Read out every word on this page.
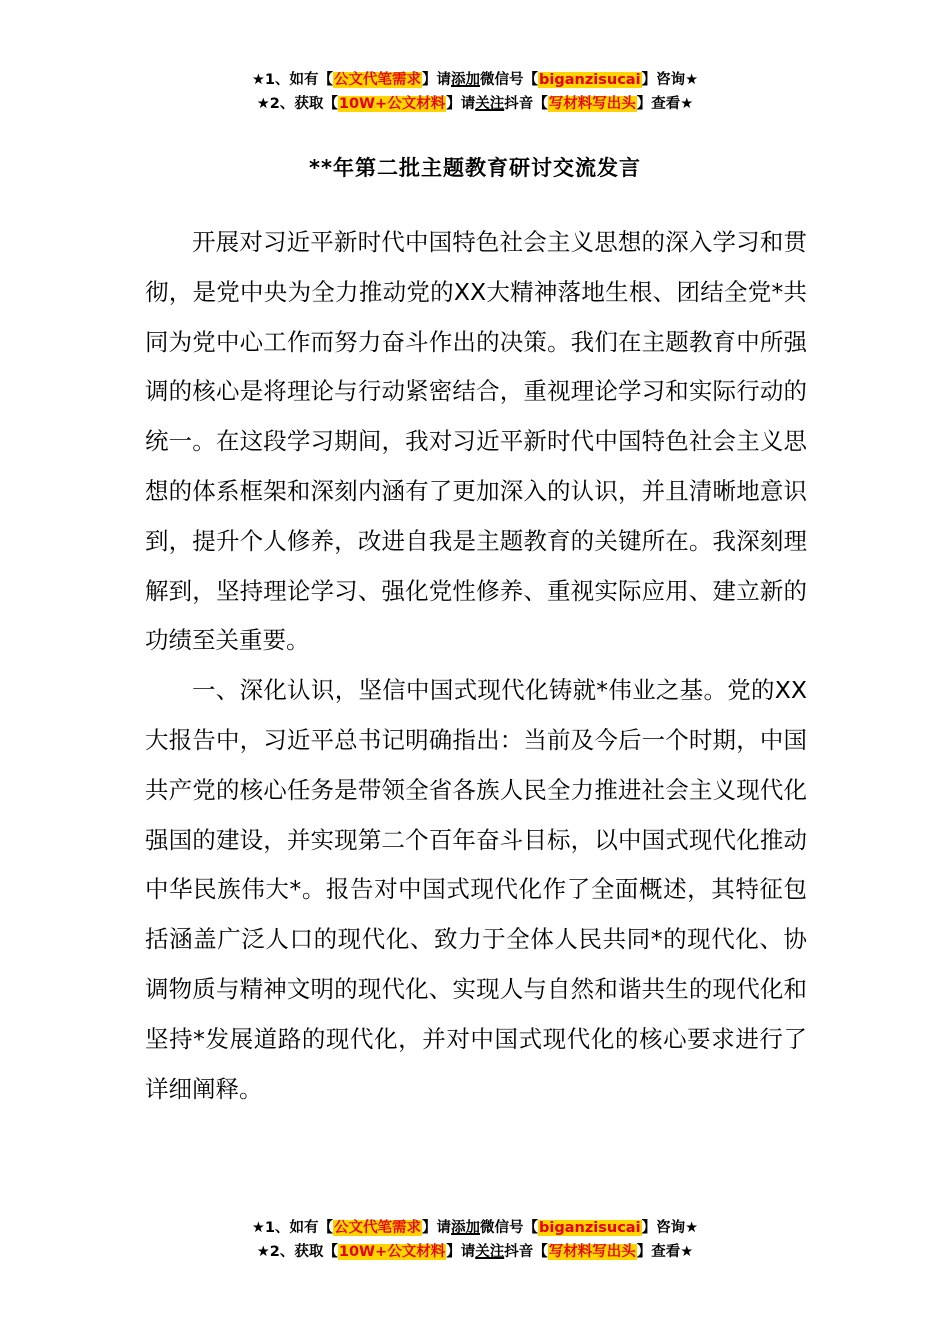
★1、如有【公文代笔需求】请添加微信号【biganzisucai】咨询★
★2、获取【10W+公文材料】请关注抖音【写材料写出头】查看★
**年第二批主题教育研讨交流发言

开展对习近平新时代中国特色社会主义思想的深入学习和贯彻，是党中央为全力推动党的XX大精神落地生根、团结全党*共同为党中心工作而努力奋斗作出的决策。我们在主题教育中所强调的核心是将理论与行动紧密结合，重视理论学习和实际行动的统一。在这段学习期间，我对习近平新时代中国特色社会主义思想的体系框架和深刻内涵有了更加深入的认识，并且清晰地意识到，提升个人修养，改进自我是主题教育的关键所在。我深刻理解到，坚持理论学习、强化党性修养、重视实际应用、建立新的功绩至关重要。

一、深化认识，坚信中国式现代化铸就*伟业之基。党的XX大报告中，习近平总书记明确指出：当前及今后一个时期，中国共产党的核心任务是带领全省各族人民全力推进社会主义现代化强国的建设，并实现第二个百年奋斗目标，以中国式现代化推动中华民族伟大*。报告对中国式现代化作了全面概述，其特征包括涵盖广泛人口的现代化、致力于全体人民共同*的现代化、协调物质与精神文明的现代化、实现人与自然和谐共生的现代化和坚持*发展道路的现代化，并对中国式现代化的核心要求进行了详细阐释。

★1、如有【公文代笔需求】请添加微信号【biganzisucai】咨询★
★2、获取【10W+公文材料】请关注抖音【写材料写出头】查看★
